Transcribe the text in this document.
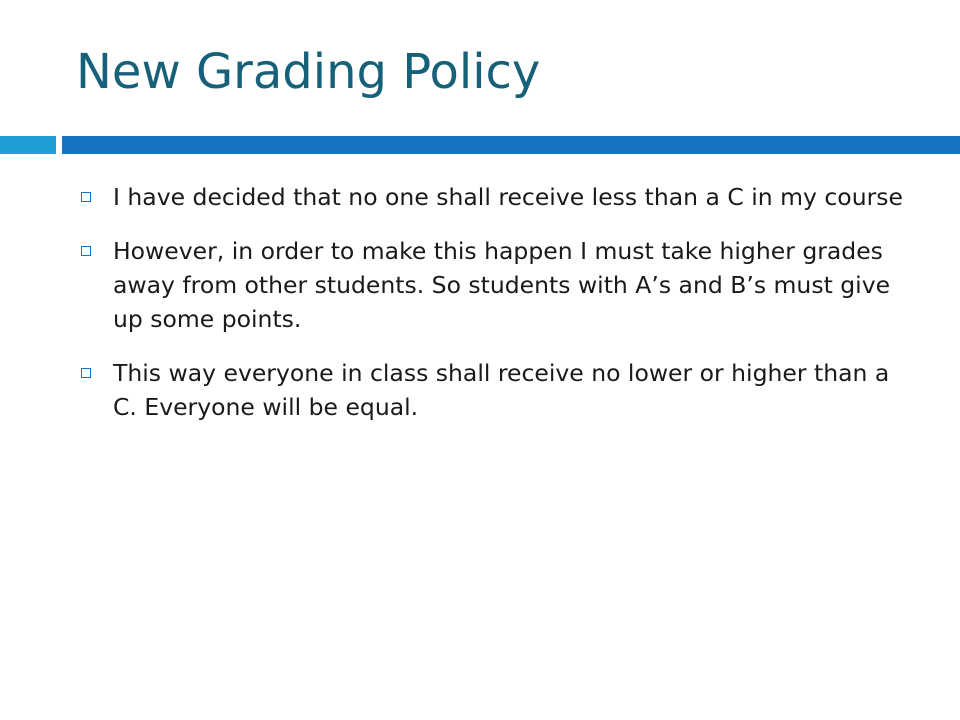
New Grading Policy
I have decided that no one shall receive less than a C in my course
However, in order to make this happen I must take higher grades away from other students. So students with A’s and B’s must give up some points.
This way everyone in class shall receive no lower or higher than a C. Everyone will be equal.
